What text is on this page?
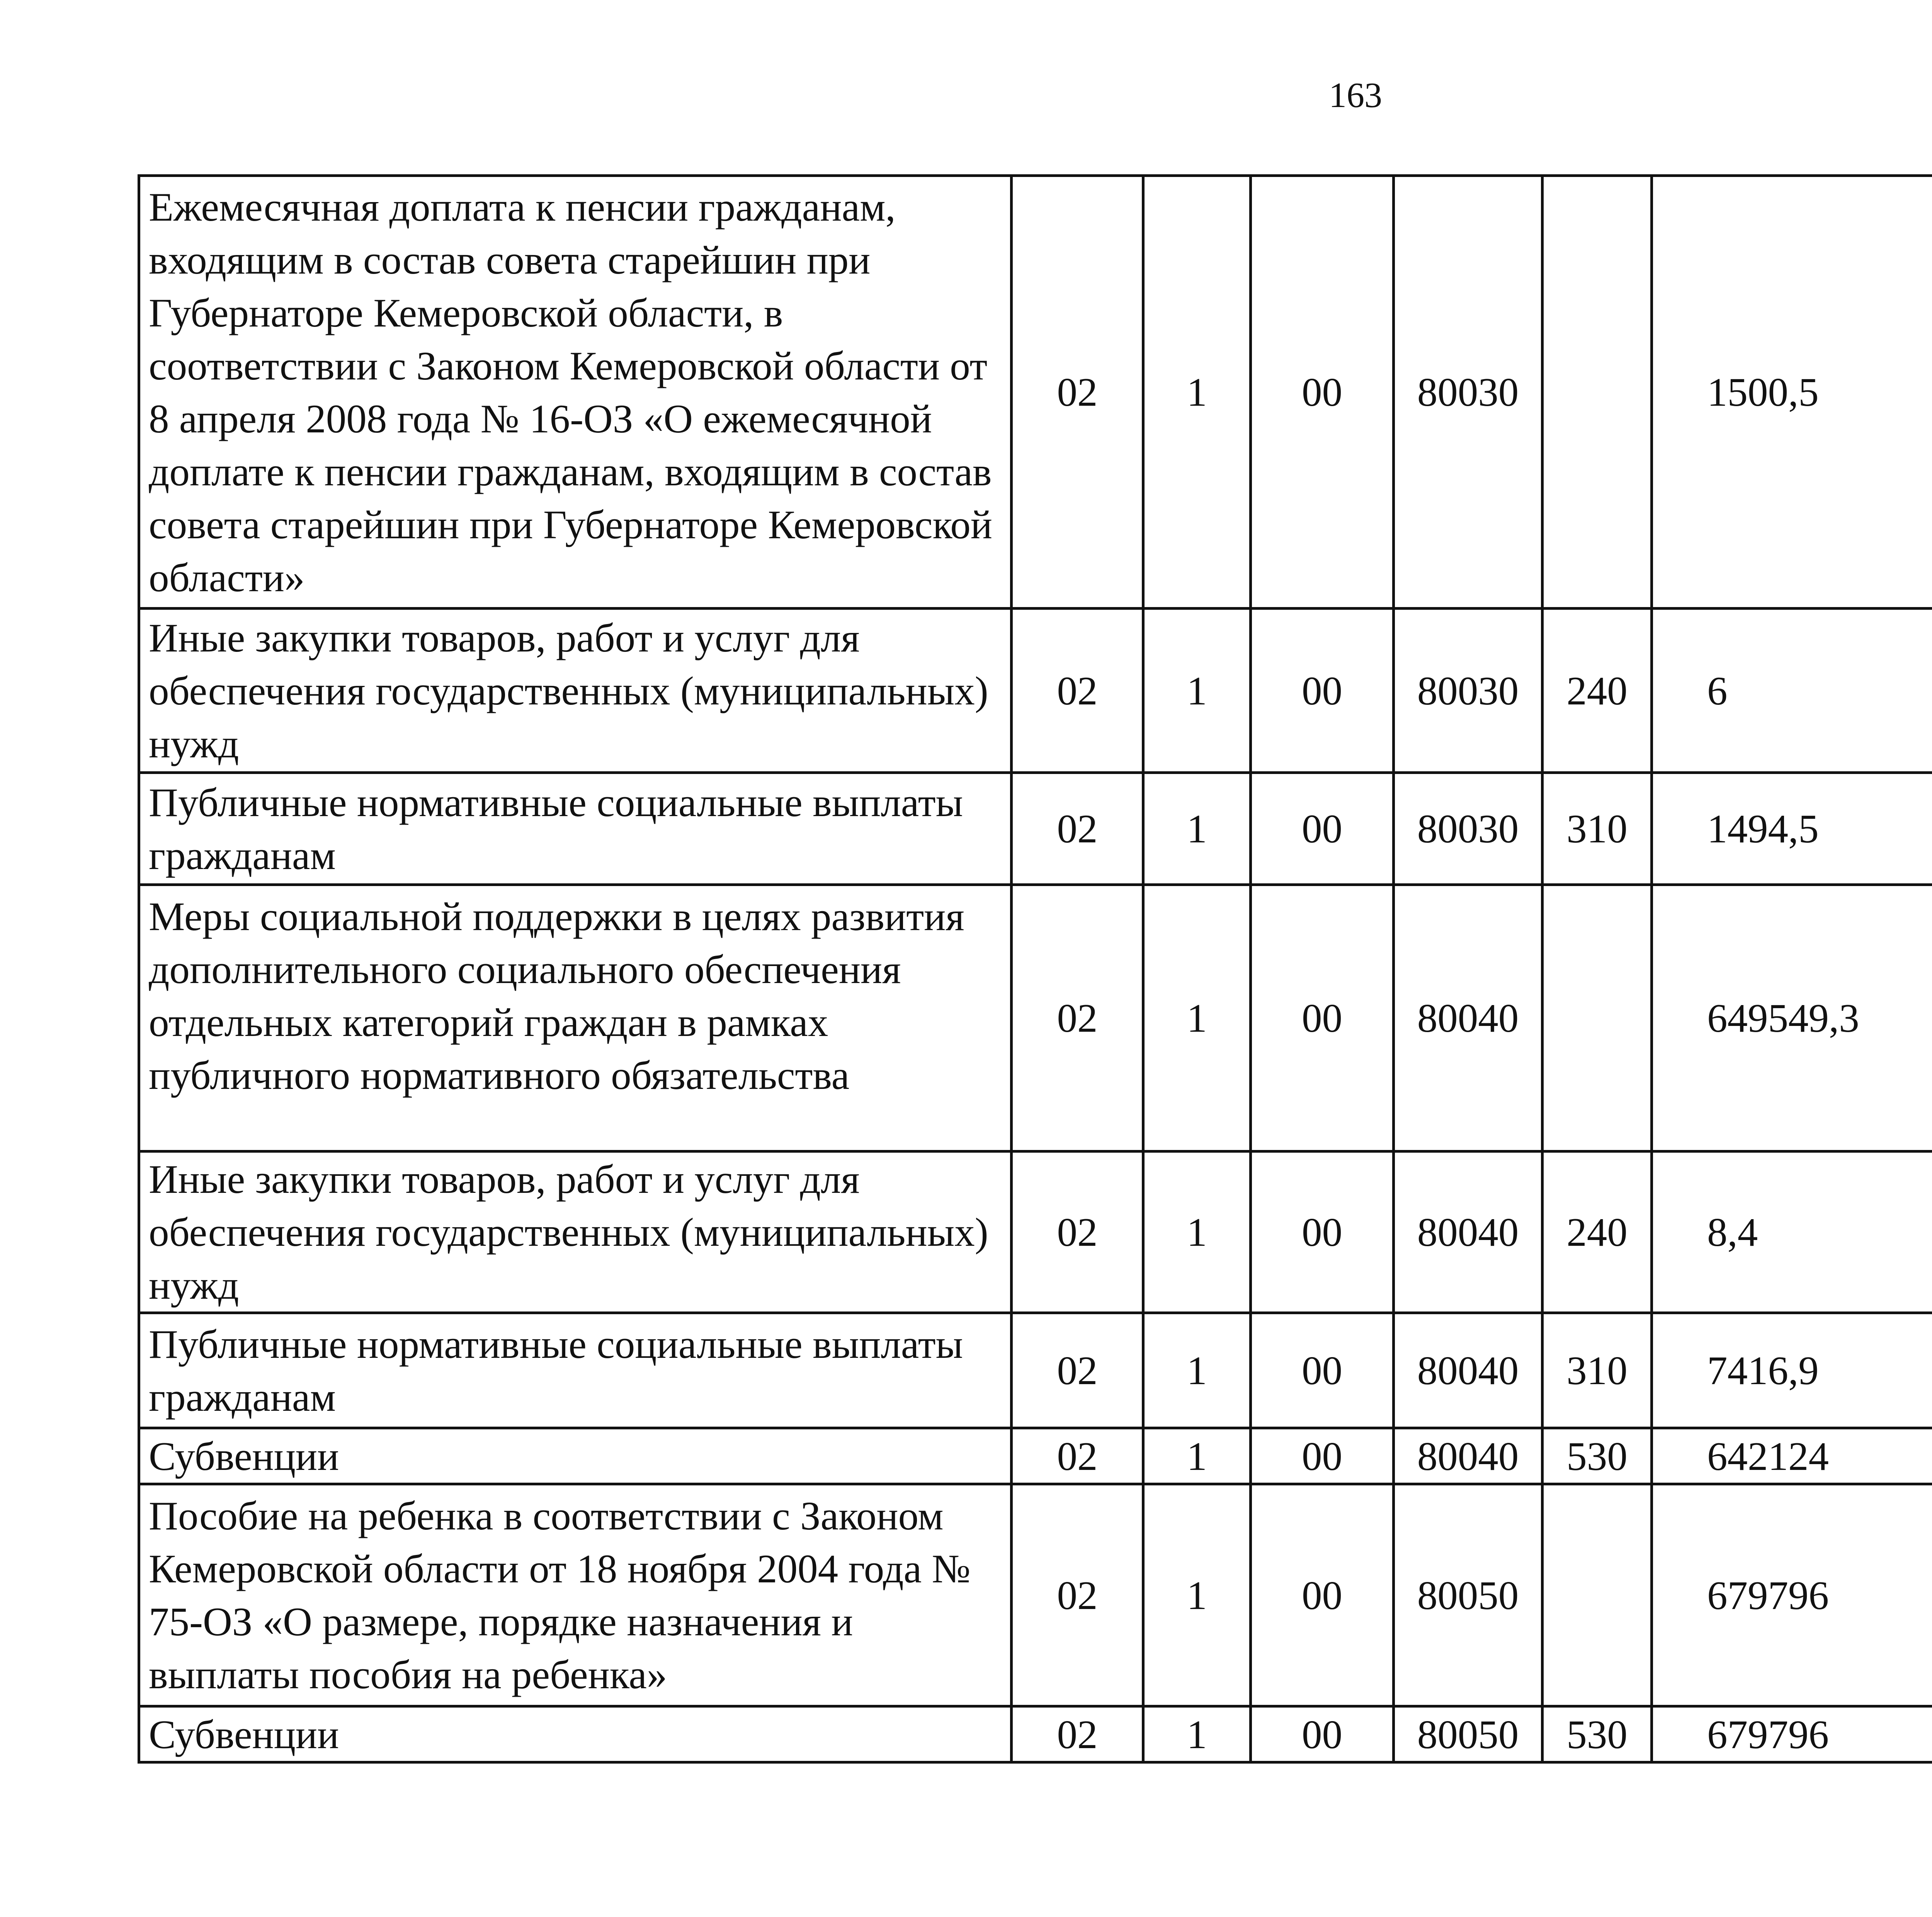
163
Ежемесячная доплата к пенсии гражданам, входящим в состав совета старейшин при Губернаторе Кемеровской области, в соответствии с Законом Кемеровской области от 8 апреля 2008 года № 16-ОЗ «О ежемесячной доплате к пенсии гражданам, входящим в состав совета старейшин при Губернаторе Кемеровской области»	02	1	00	80030		1500,5		
Иные закупки товаров, работ и услуг для обеспечения государственных (муниципальных) нужд	02	1	00	80030	240	6		
Публичные нормативные социальные выплаты гражданам	02	1	00	80030	310	1494,5		
Меры социальной поддержки в целях развития дополнительного социального обеспечения отдельных категорий граждан в рамках публичного нормативного обязательства	02	1	00	80040		649549,3		
Иные закупки товаров, работ и услуг для обеспечения государственных (муниципальных) нужд	02	1	00	80040	240	8,4		
Публичные нормативные социальные выплаты гражданам	02	1	00	80040	310	7416,9		
Субвенции	02	1	00	80040	530	642124		
Пособие на ребенка в соответствии с Законом Кемеровской области от 18 ноября 2004 года № 75-ОЗ «О размере, порядке назначения и выплаты пособия на ребенка»	02	1	00	80050		679796		
Субвенции	02	1	00	80050	530	679796		
